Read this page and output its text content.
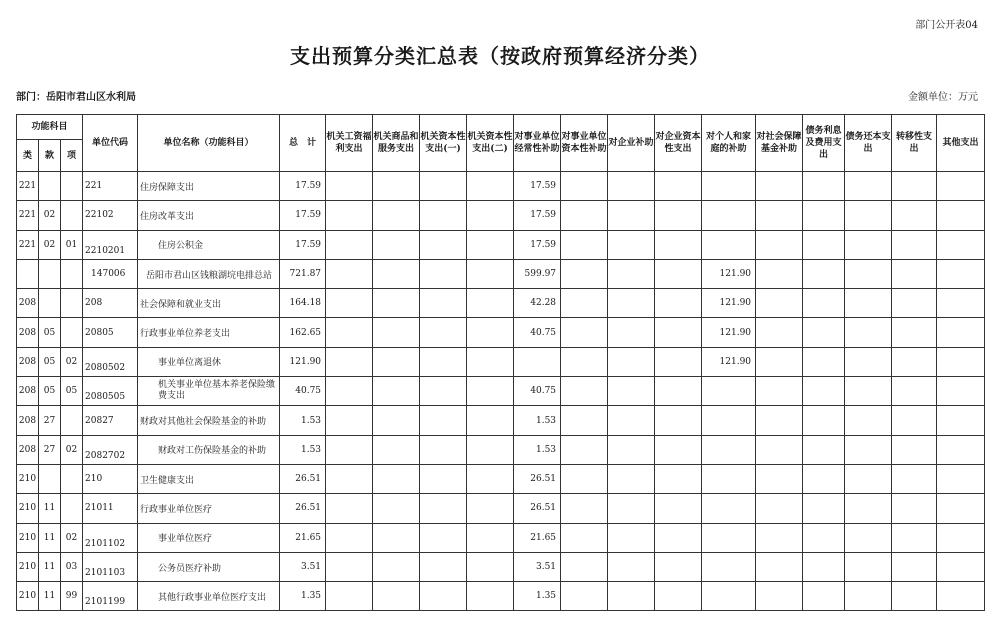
部门公开表04
支出预算分类汇总表（按政府预算经济分类）
部门：岳阳市君山区水利局	金额单位：万元
功能科目			单位代码	单位名称（功能科目）	总　计	机关工资福利支出	机关商品和服务支出	机关资本性支出(一)	机关资本性支出(二)	对事业单位经常性补助	对事业单位资本性补助	对企业补助	对企业资本性支出	对个人和家庭的补助	对社会保障基金补助	债务利息及费用支出	债务还本支出	转移性支出	其他支出
类	款	项																	
221			221	住房保障支出	17.59					17.59									
221	02		22102	住房改革支出	17.59					17.59									
221	02	01	2210201	住房公积金	17.59					17.59									
			147006	岳阳市君山区钱粮湖垸电排总站	721.87					599.97				121.90					
208			208	社会保障和就业支出	164.18					42.28				121.90					
208	05		20805	行政事业单位养老支出	162.65					40.75				121.90					
208	05	02	2080502	事业单位离退休	121.90									121.90					
208	05	05	2080505	机关事业单位基本养老保险缴费支出	40.75					40.75									
208	27		20827	财政对其他社会保险基金的补助	1.53					1.53									
208	27	02	2082702	财政对工伤保险基金的补助	1.53					1.53									
210			210	卫生健康支出	26.51					26.51									
210	11		21011	行政事业单位医疗	26.51					26.51									
210	11	02	2101102	事业单位医疗	21.65					21.65									
210	11	03	2101103	公务员医疗补助	3.51					3.51									
210	11	99	2101199	其他行政事业单位医疗支出	1.35					1.35									
